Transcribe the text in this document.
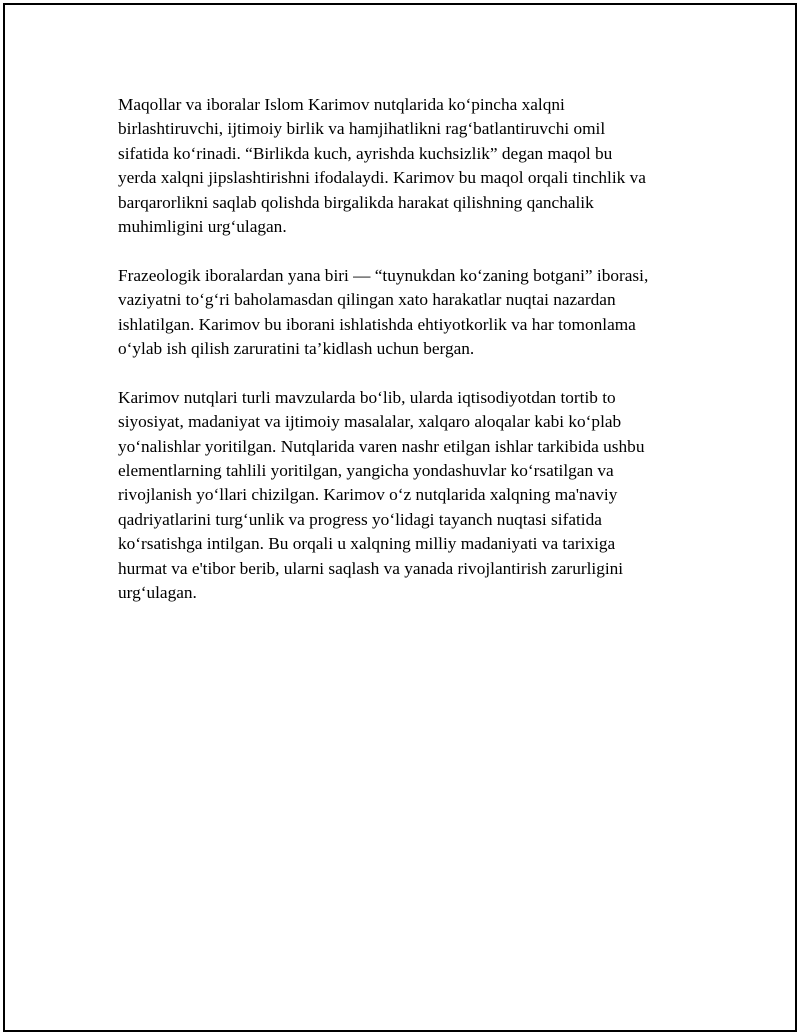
Maqollar va iboralar Islom Karimov nutqlarida ko‘pincha xalqni
birlashtiruvchi, ijtimoiy birlik va hamjihatlikni rag‘batlantiruvchi omil
sifatida ko‘rinadi. “Birlikda kuch, ayrishda kuchsizlik” degan maqol bu
yerda xalqni jipslashtirishni ifodalaydi. Karimov bu maqol orqali tinchlik va
barqarorlikni saqlab qolishda birgalikda harakat qilishning qanchalik
muhimligini urg‘ulagan.

Frazeologik iboralardan yana biri — “tuynukdan ko‘zaning botgani” iborasi,
vaziyatni to‘g‘ri baholamasdan qilingan xato harakatlar nuqtai nazardan
ishlatilgan. Karimov bu iborani ishlatishda ehtiyotkorlik va har tomonlama
o‘ylab ish qilish zaruratini ta’kidlash uchun bergan.

Karimov nutqlari turli mavzularda bo‘lib, ularda iqtisodiyotdan tortib to
siyosiyat, madaniyat va ijtimoiy masalalar, xalqaro aloqalar kabi ko‘plab
yo‘nalishlar yoritilgan. Nutqlarida varen nashr etilgan ishlar tarkibida ushbu
elementlarning tahlili yoritilgan, yangicha yondashuvlar ko‘rsatilgan va
rivojlanish yo‘llari chizilgan. Karimov o‘z nutqlarida xalqning ma'naviy
qadriyatlarini turg‘unlik va progress yo‘lidagi tayanch nuqtasi sifatida
ko‘rsatishga intilgan. Bu orqali u xalqning milliy madaniyati va tarixiga
hurmat va e'tibor berib, ularni saqlash va yanada rivojlantirish zarurligini
urg‘ulagan.
